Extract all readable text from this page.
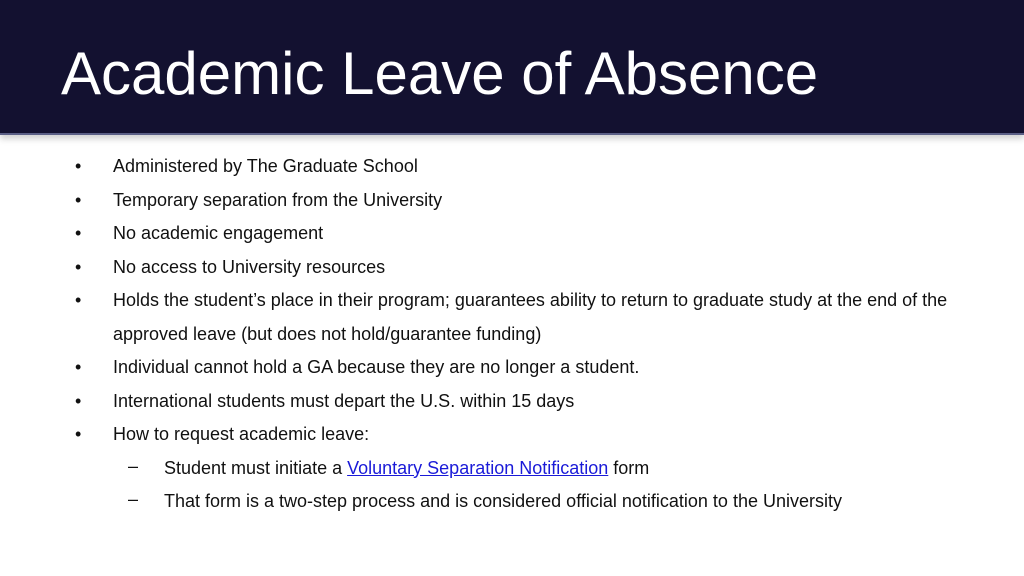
Academic Leave of Absence
• Administered by The Graduate School
• Temporary separation from the University
• No academic engagement
• No access to University resources
• Holds the student’s place in their program; guarantees ability to return to graduate study at the end of the approved leave (but does not hold/guarantee funding)
• Individual cannot hold a GA because they are no longer a student.
• International students must depart the U.S. within 15 days
• How to request academic leave:
– Student must initiate a Voluntary Separation Notification form
– That form is a two-step process and is considered official notification to the University
